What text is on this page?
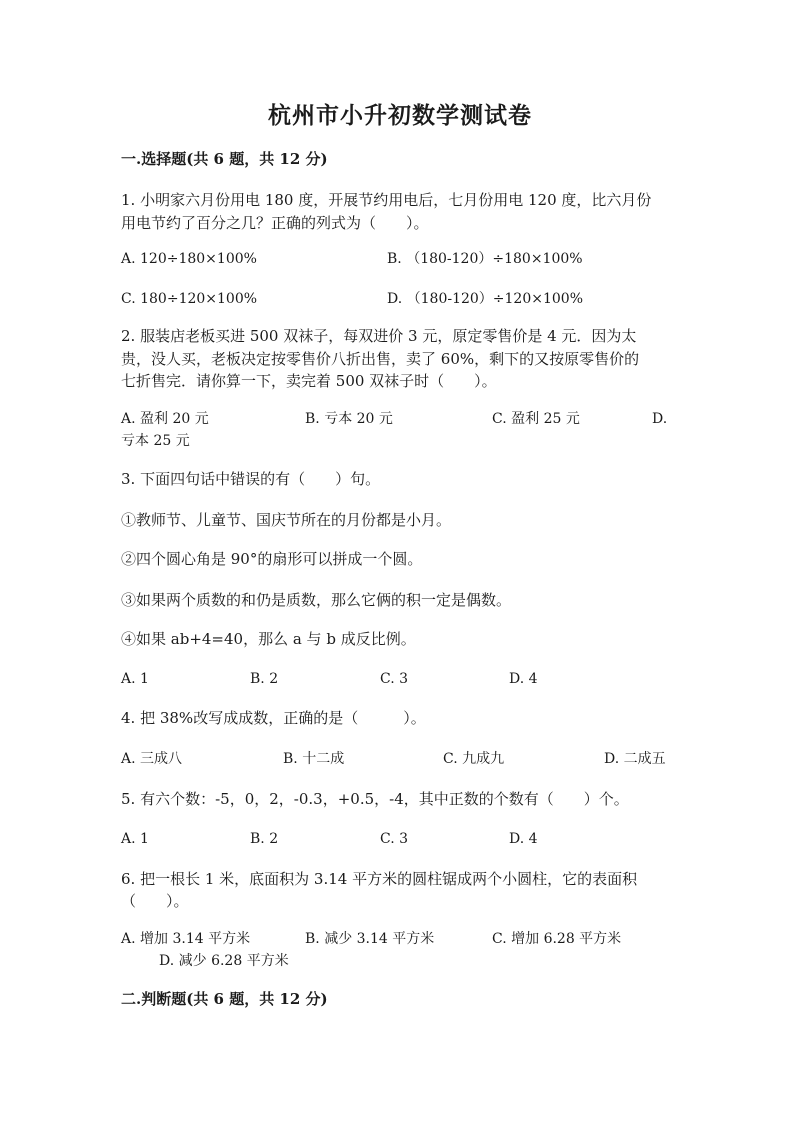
杭州市小升初数学测试卷
一.选择题(共 6 题，共 12 分)
1. 小明家六月份用电 180 度，开展节约用电后，七月份用电 120 度，比六月份
用电节约了百分之几？正确的列式为（　　）。
A. 120÷180×100%	B. （180-120）÷180×100%
C. 180÷120×100%	D. （180-120）÷120×100%
2. 服装店老板买进 500 双袜子，每双进价 3 元，原定零售价是 4 元．因为太
贵，没人买，老板决定按零售价八折出售，卖了 60%，剩下的又按原零售价的
七折售完．请你算一下，卖完着 500 双袜子时（　　）。
A. 盈利 20 元	B. 亏本 20 元	C. 盈利 25 元	D.
亏本 25 元
3. 下面四句话中错误的有（　　）句。
①教师节、儿童节、国庆节所在的月份都是小月。
②四个圆心角是 90°的扇形可以拼成一个圆。
③如果两个质数的和仍是质数，那么它俩的积一定是偶数。
④如果 ab+4=40，那么 a 与 b 成反比例。
A. 1	B. 2	C. 3	D. 4
4. 把 38%改写成成数，正确的是（　　　）。
A. 三成八	B. 十二成	C. 九成九	D. 二成五
5. 有六个数：-5，0，2，-0.3，+0.5，-4，其中正数的个数有（　　）个。
A. 1	B. 2	C. 3	D. 4
6. 把一根长 1 米，底面积为 3.14 平方米的圆柱锯成两个小圆柱，它的表面积
（　　）。
A. 增加 3.14 平方米	B. 减少 3.14 平方米	C. 增加 6.28 平方米
D. 减少 6.28 平方米
二.判断题(共 6 题，共 12 分)
